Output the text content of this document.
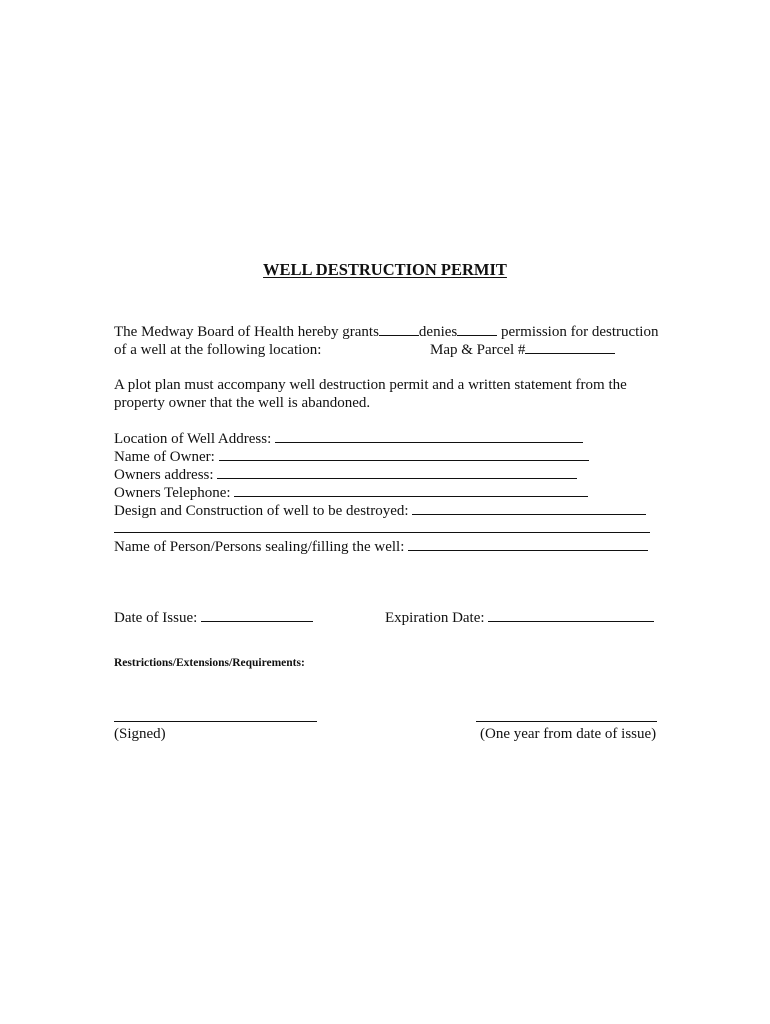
WELL DESTRUCTION PERMIT
The Medway Board of Health hereby grants	denies	permission for destruction
of a well at the following location:	Map & Parcel #
A plot plan must accompany well destruction permit and a written statement from the
property owner that the well is abandoned.
Location of Well Address:
Name of Owner:
Owners address:
Owners Telephone:
Design and Construction of well to be destroyed:
Name of Person/Persons sealing/filling the well:
Date of Issue:	Expiration Date:
Restrictions/Extensions/Requirements:
(Signed)	(One year from date of issue)
